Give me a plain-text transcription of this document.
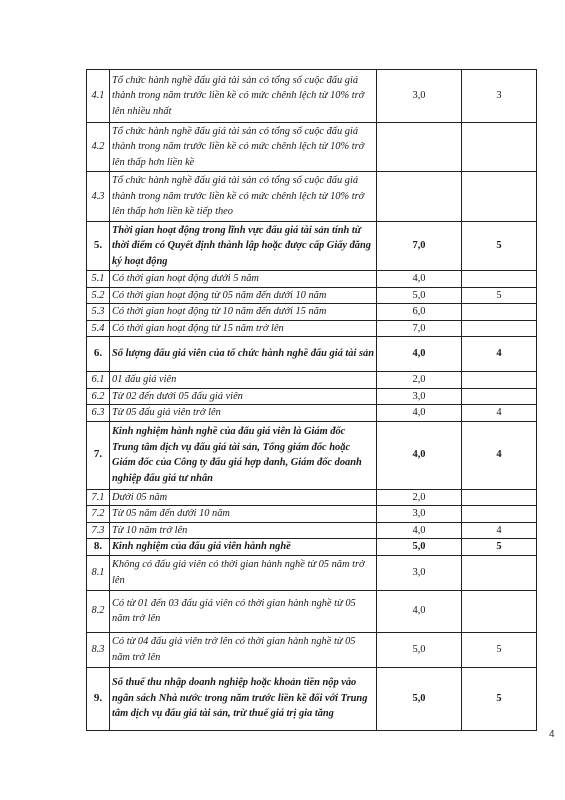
4.1	Tổ chức hành nghề đấu giá tài sản có tổng số cuộc đấu giá thành trong năm trước liền kề có mức chênh lệch từ 10% trở lên nhiều nhất	3,0	3
4.2	Tổ chức hành nghề đấu giá tài sản có tổng số cuộc đấu giá thành trong năm trước liền kề có mức chênh lệch từ 10% trở lên thấp hơn liền kề		
4.3	Tổ chức hành nghề đấu giá tài sản có tổng số cuộc đấu giá thành trong năm trước liền kề có mức chênh lệch từ 10% trở lên thấp hơn liền kề tiếp theo		
5.	Thời gian hoạt động trong lĩnh vực đấu giá tài sản tính từ thời điểm có Quyết định thành lập hoặc được cấp Giấy đăng ký hoạt động	7,0	5
5.1	Có thời gian hoạt động dưới 5 năm	4,0	
5.2	Có thời gian hoạt động từ 05 năm đến dưới 10 năm	5,0	5
5.3	Có thời gian hoạt động từ 10 năm đến dưới 15 năm	6,0	
5.4	Có thời gian hoạt động từ 15 năm trở lên	7,0	
6.	Số lượng đấu giá viên của tổ chức hành nghề đấu giá tài sản	4,0	4
6.1	01 đấu giá viên	2,0	
6.2	Từ 02 đến dưới 05 đấu giá viên	3,0	
6.3	Từ 05 đấu giá viên trở lên	4,0	4
7.	Kinh nghiệm hành nghề của đấu giá viên là Giám đốc Trung tâm dịch vụ đấu giá tài sản, Tổng giám đốc hoặc Giám đốc của Công ty đấu giá hợp danh, Giám đốc doanh nghiệp đấu giá tư nhân	4,0	4
7.1	Dưới 05 năm	2,0	
7.2	Từ 05 năm đến dưới 10 năm	3,0	
7.3	Từ 10 năm trở lên	4,0	4
8.	Kinh nghiệm của đấu giá viên hành nghề	5,0	5
8.1	Không có đấu giá viên có thời gian hành nghề từ 05 năm trở lên	3,0	
8.2	Có từ 01 đến 03 đấu giá viên có thời gian hành nghề từ 05 năm trở lên	4,0	
8.3	Có từ 04 đấu giá viên trở lên có thời gian hành nghề từ 05 năm trở lên	5,0	5
9.	Số thuế thu nhập doanh nghiệp hoặc khoản tiền nộp vào ngân sách Nhà nước trong năm trước liền kề đối với Trung tâm dịch vụ đấu giá tài sản, trừ thuế giá trị gia tăng	5,0	5
4
